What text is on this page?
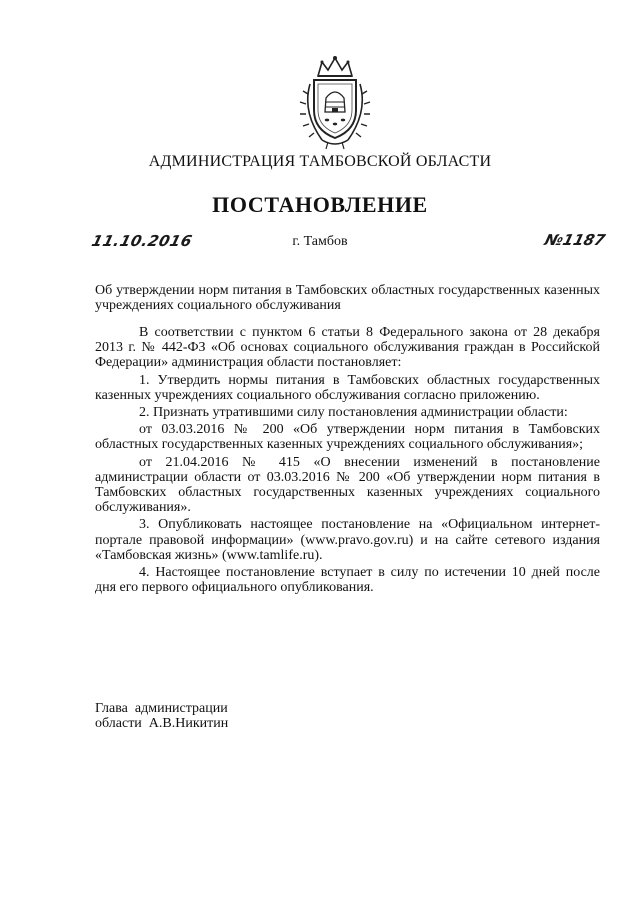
АДМИНИСТРАЦИЯ ТАМБОВСКОЙ ОБЛАСТИ
ПОСТАНОВЛЕНИЕ
11.10.2016	г. Тамбов	№1187
Об утверждении норм питания в Тамбовских областных государственных казенных учреждениях социального обслуживания

В соответствии с пунктом 6 статьи 8 Федерального закона от 28 декабря 2013 г. № 442-ФЗ «Об основах социального обслуживания граждан в Российской Федерации» администрация области постановляет:

1. Утвердить нормы питания в Тамбовских областных государственных казенных учреждениях социального обслуживания согласно приложению.

2. Признать утратившими силу постановления администрации области:

от 03.03.2016 № 200 «Об утверждении норм питания в Тамбовских областных государственных казенных учреждениях социального обслуживания»;

от 21.04.2016 № 415 «О внесении изменений в постановление администрации области от 03.03.2016 № 200 «Об утверждении норм питания в Тамбовских областных государственных казенных учреждениях социального обслуживания».

3. Опубликовать настоящее постановление на «Официальном интернет-портале правовой информации» (www.pravo.gov.ru) и на сайте сетевого издания «Тамбовская жизнь» (www.tamlife.ru).

4. Настоящее постановление вступает в силу по истечении 10 дней после дня его первого официального опубликования.

Глава  администрации
области  А.В.Никитин
